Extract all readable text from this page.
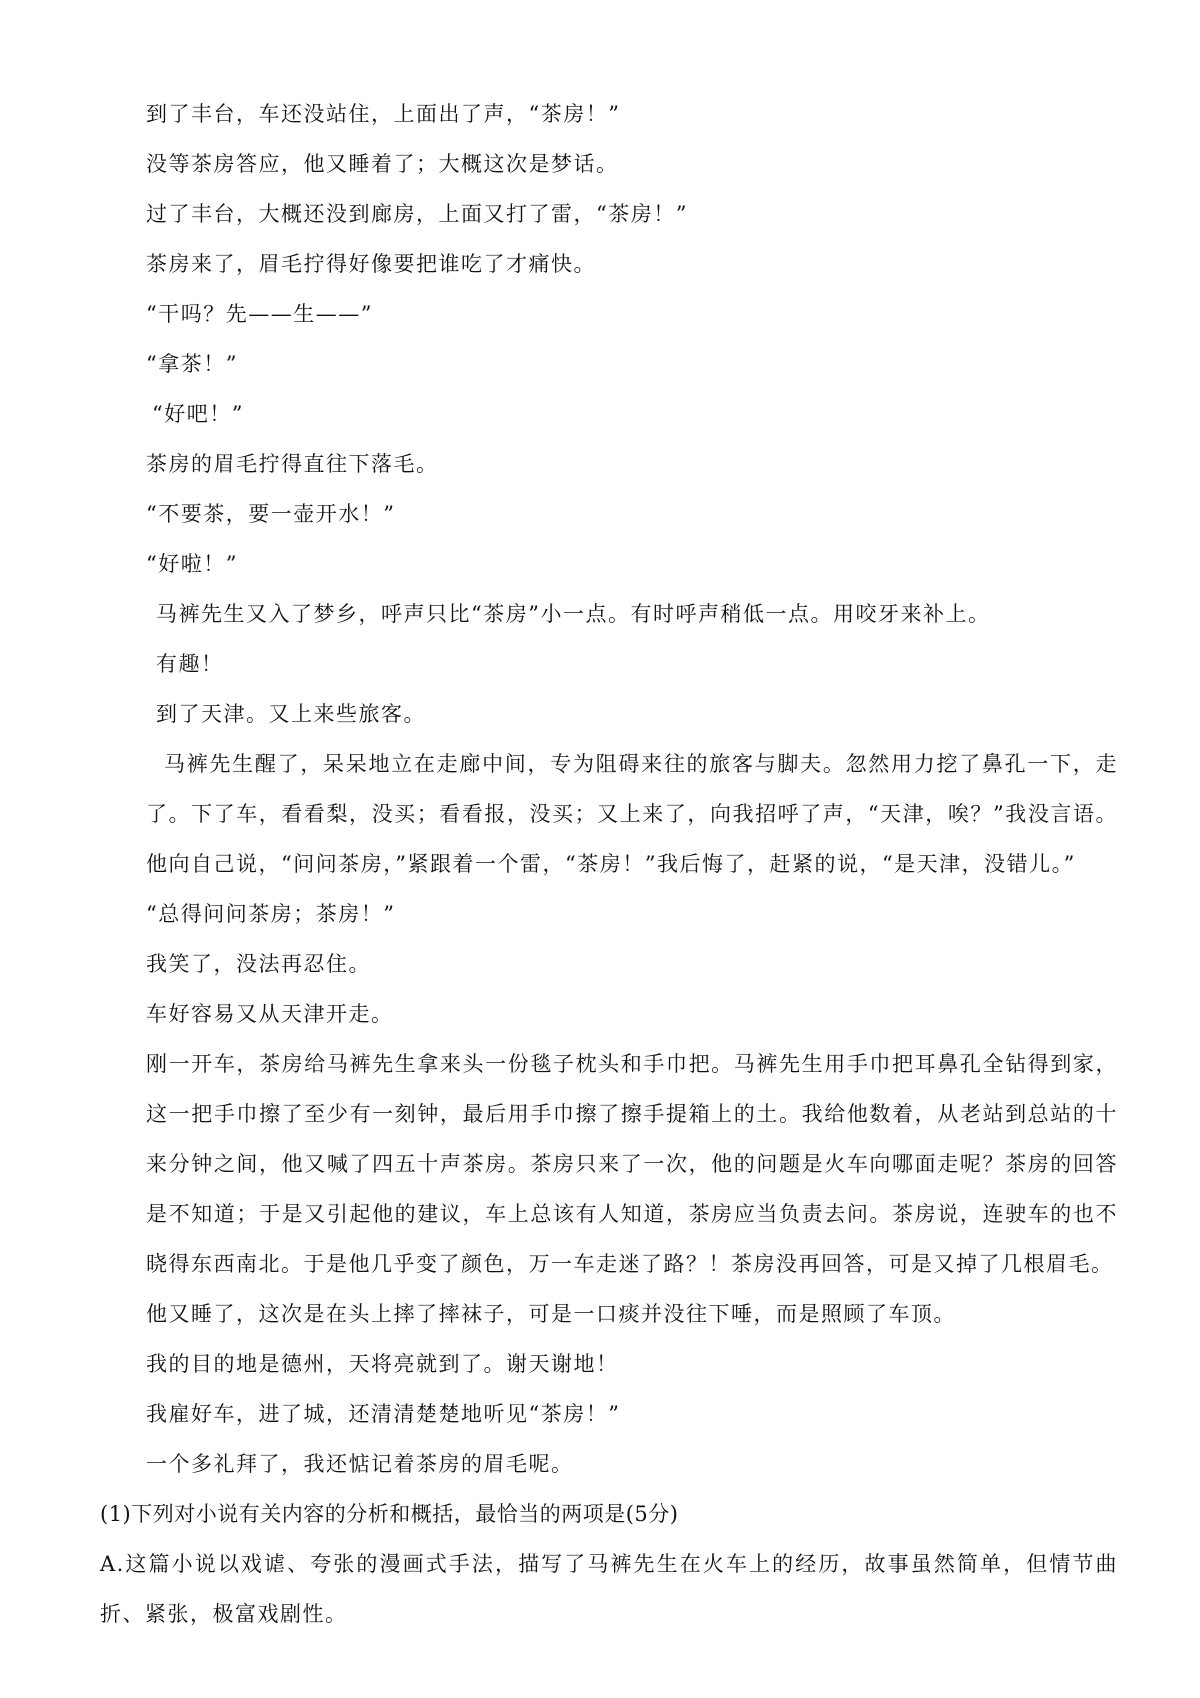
到了丰台，车还没站住，上面出了声，“茶房！”
没等茶房答应，他又睡着了；大概这次是梦话。
过了丰台，大概还没到廊房，上面又打了雷，“茶房！”
茶房来了，眉毛拧得好像要把谁吃了才痛快。
“干吗？先——生——”
“拿茶！”
“好吧！”
茶房的眉毛拧得直往下落毛。
“不要茶，要一壶开水！”
“好啦！”
马裤先生又入了梦乡，呼声只比“茶房”小一点。有时呼声稍低一点。用咬牙来补上。
有趣！
到了天津。又上来些旅客。
马裤先生醒了，呆呆地立在走廊中间，专为阻碍来往的旅客与脚夫。忽然用力挖了鼻孔一下，走了。下了车，看看梨，没买；看看报，没买；又上来了，向我招呼了声，“天津，唉？”我没言语。他向自己说，“问问茶房，”紧跟着一个雷，“茶房！”我后悔了，赶紧的说，“是天津，没错儿。”
“总得问问茶房；茶房！”
我笑了，没法再忍住。
车好容易又从天津开走。
刚一开车，茶房给马裤先生拿来头一份毯子枕头和手巾把。马裤先生用手巾把耳鼻孔全钻得到家，这一把手巾擦了至少有一刻钟，最后用手巾擦了擦手提箱上的土。我给他数着，从老站到总站的十来分钟之间，他又喊了四五十声茶房。茶房只来了一次，他的问题是火车向哪面走呢？茶房的回答是不知道；于是又引起他的建议，车上总该有人知道，茶房应当负责去问。茶房说，连驶车的也不晓得东西南北。于是他几乎变了颜色，万一车走迷了路？！茶房没再回答，可是又掉了几根眉毛。
他又睡了，这次是在头上摔了摔袜子，可是一口痰并没往下唾，而是照顾了车顶。
我的目的地是德州，天将亮就到了。谢天谢地！
我雇好车，进了城，还清清楚楚地听见“茶房！”
一个多礼拜了，我还惦记着茶房的眉毛呢。
(1)下列对小说有关内容的分析和概括，最恰当的两项是(5分)
A.这篇小说以戏谑、夸张的漫画式手法，描写了马裤先生在火车上的经历，故事虽然简单，但情节曲折、紧张，极富戏剧性。
